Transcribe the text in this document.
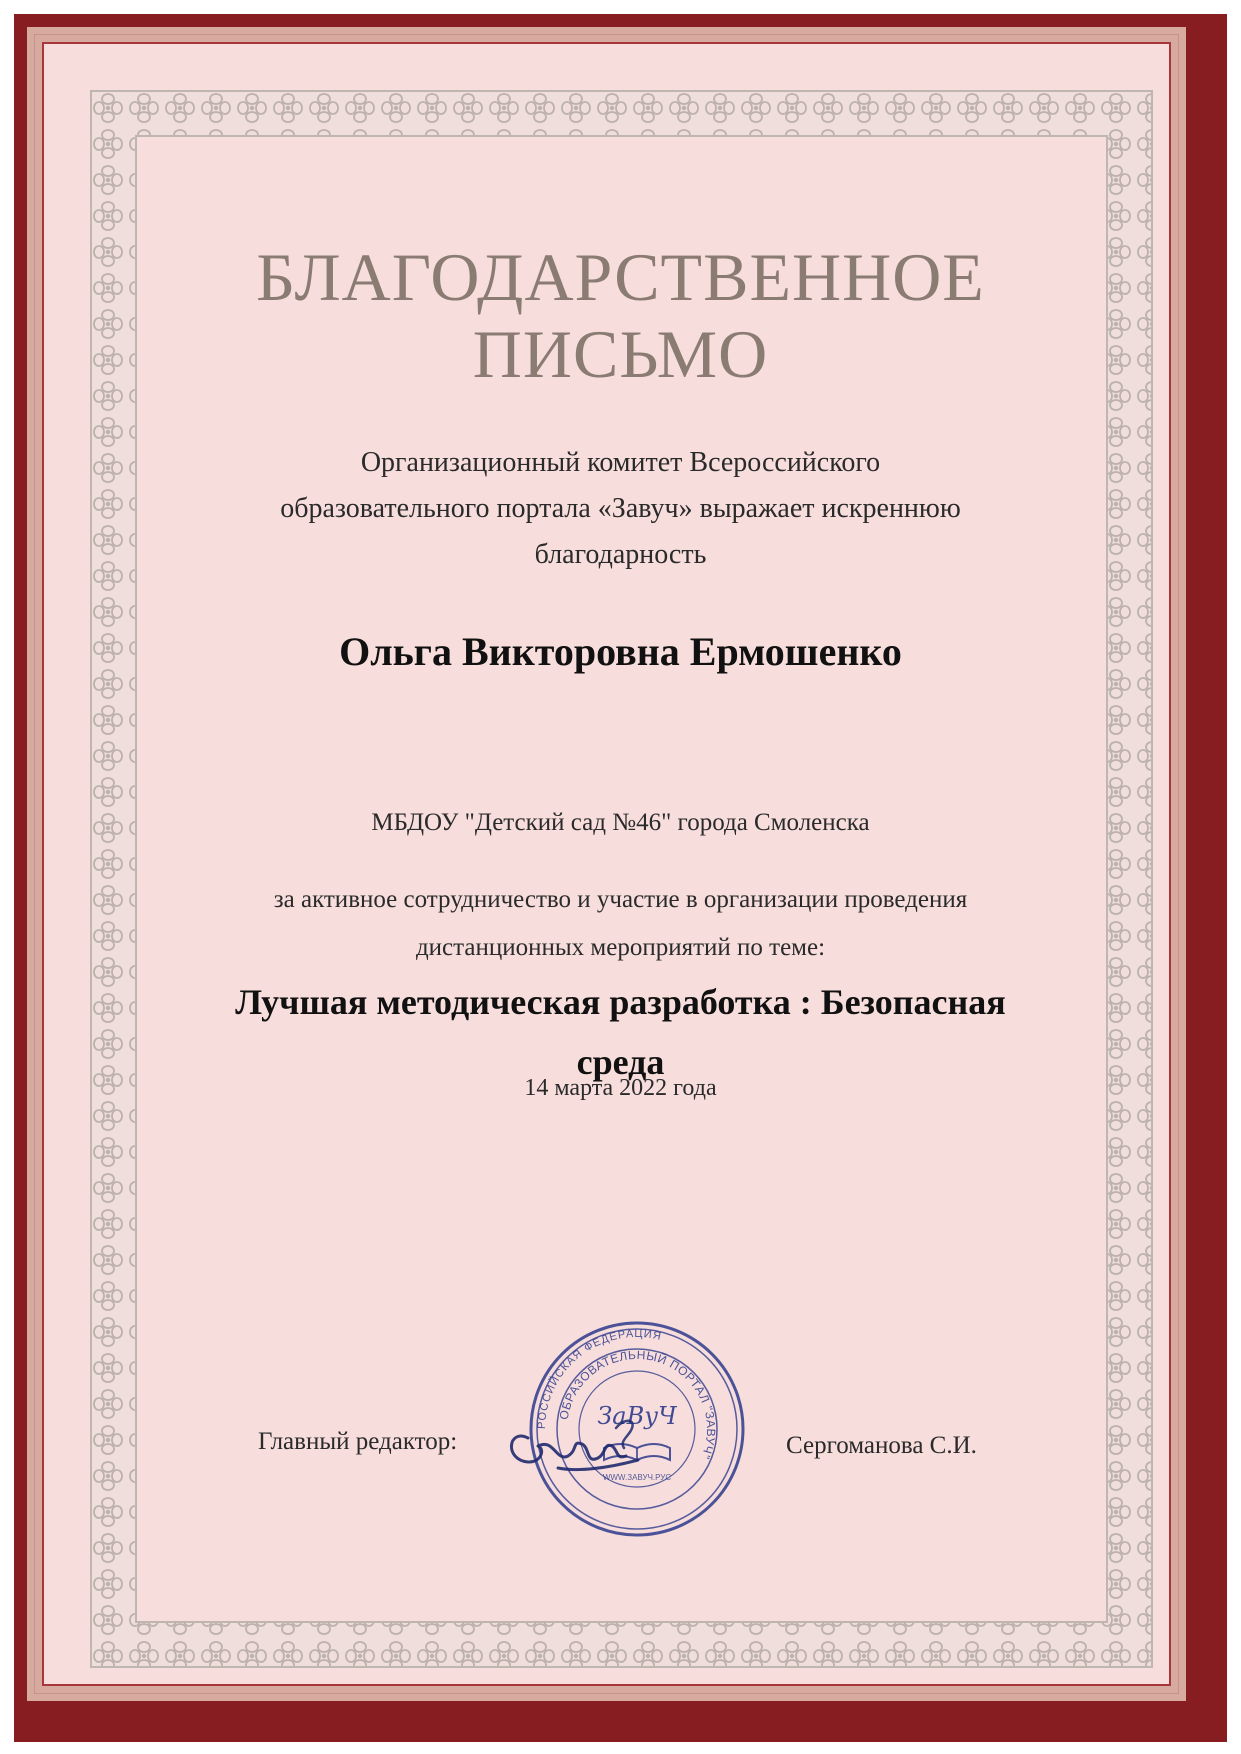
БЛАГОДАРСТВЕННОЕ
ПИСЬМО
Организационный комитет Всероссийского
образовательного портала «Завуч» выражает искреннюю
благодарность
Ольга Викторовна Ермошенко
МБДОУ "Детский сад №46" города Смоленска
за активное сотрудничество и участие в организации проведения
дистанционных мероприятий по теме:
Лучшая методическая разработка : Безопасная
среда
14 марта 2022 года
Главный редактор:	Сергоманова С.И.
РОССИЙСКАЯ ФЕДЕРАЦИЯ
ОБРАЗОВАТЕЛЬНЫЙ ПОРТАЛ "ЗАВУЧ"
ЗаВуЧ
WWW.ЗАВУЧ.РУС
